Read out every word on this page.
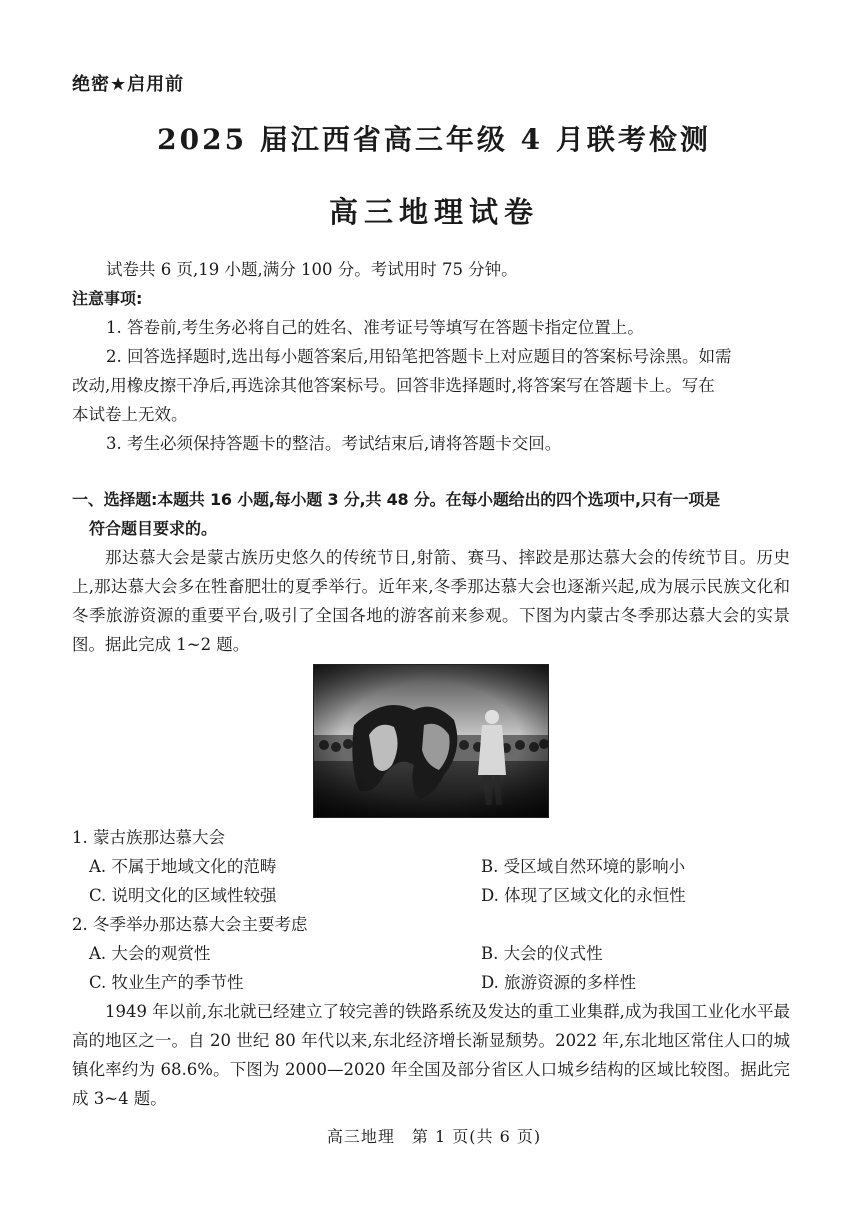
绝密★启用前
2025 届江西省高三年级 4 月联考检测
高三地理试卷
试卷共 6 页,19 小题,满分 100 分。考试用时 75 分钟。
注意事项:
1. 答卷前,考生务必将自己的姓名、准考证号等填写在答题卡指定位置上。
2. 回答选择题时,选出每小题答案后,用铅笔把答题卡上对应题目的答案标号涂黑。如需
改动,用橡皮擦干净后,再选涂其他答案标号。回答非选择题时,将答案写在答题卡上。写在
本试卷上无效。
3. 考生必须保持答题卡的整洁。考试结束后,请将答题卡交回。
一、选择题:本题共 16 小题,每小题 3 分,共 48 分。在每小题给出的四个选项中,只有一项是
符合题目要求的。
那达慕大会是蒙古族历史悠久的传统节日,射箭、赛马、摔跤是那达慕大会的传统节目。历史上,那达慕大会多在牲畜肥壮的夏季举行。近年来,冬季那达慕大会也逐渐兴起,成为展示民族文化和冬季旅游资源的重要平台,吸引了全国各地的游客前来参观。下图为内蒙古冬季那达慕大会的实景图。据此完成 1~2 题。
1. 蒙古族那达慕大会
A. 不属于地域文化的范畴	B. 受区域自然环境的影响小
C. 说明文化的区域性较强	D. 体现了区域文化的永恒性
2. 冬季举办那达慕大会主要考虑
A. 大会的观赏性	B. 大会的仪式性
C. 牧业生产的季节性	D. 旅游资源的多样性
1949 年以前,东北就已经建立了较完善的铁路系统及发达的重工业集群,成为我国工业化水平最高的地区之一。自 20 世纪 80 年代以来,东北经济增长渐显颓势。2022 年,东北地区常住人口的城镇化率约为 68.6%。下图为 2000—2020 年全国及部分省区人口城乡结构的区域比较图。据此完成 3~4 题。
高三地理　第 1 页(共 6 页)
